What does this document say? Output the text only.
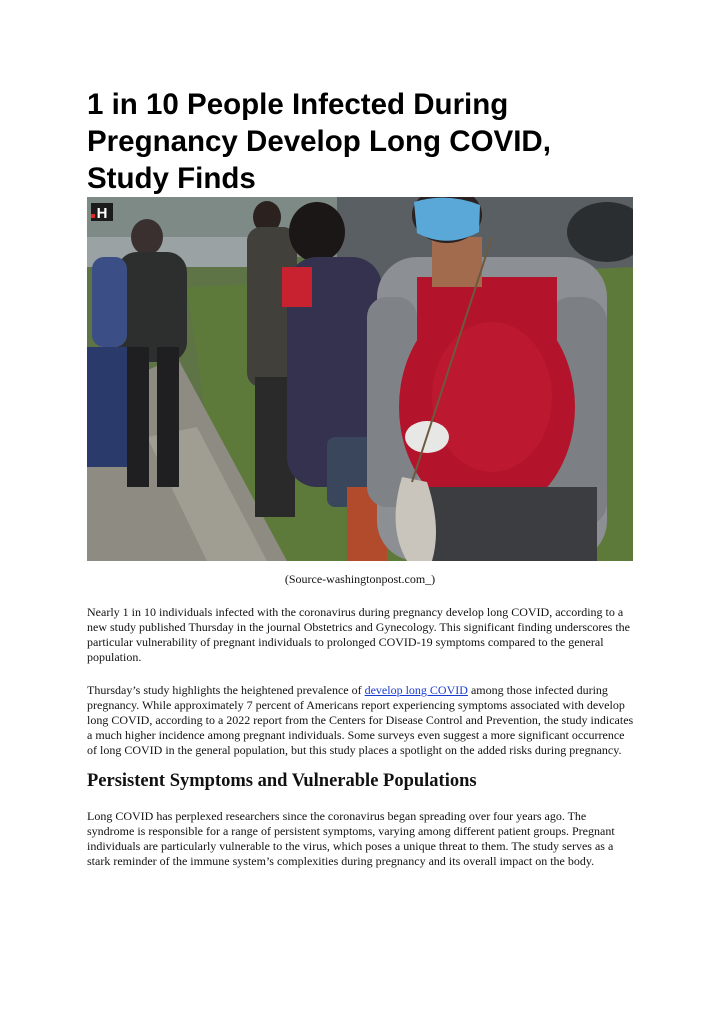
1 in 10 People Infected During Pregnancy Develop Long COVID, Study Finds
H
(Source-washingtonpost.com_)

Nearly 1 in 10 individuals infected with the coronavirus during pregnancy develop long COVID, according to a new study published Thursday in the journal Obstetrics and Gynecology. This significant finding underscores the particular vulnerability of pregnant individuals to prolonged COVID-19 symptoms compared to the general population.

Thursday’s study highlights the heightened prevalence of develop long COVID among those infected during pregnancy. While approximately 7 percent of Americans report experiencing symptoms associated with develop long COVID, according to a 2022 report from the Centers for Disease Control and Prevention, the study indicates a much higher incidence among pregnant individuals. Some surveys even suggest a more significant occurrence of long COVID in the general population, but this study places a spotlight on the added risks during pregnancy.

Persistent Symptoms and Vulnerable Populations

Long COVID has perplexed researchers since the coronavirus began spreading over four years ago. The syndrome is responsible for a range of persistent symptoms, varying among different patient groups. Pregnant individuals are particularly vulnerable to the virus, which poses a unique threat to them. The study serves as a stark reminder of the immune system’s complexities during pregnancy and its overall impact on the body.
